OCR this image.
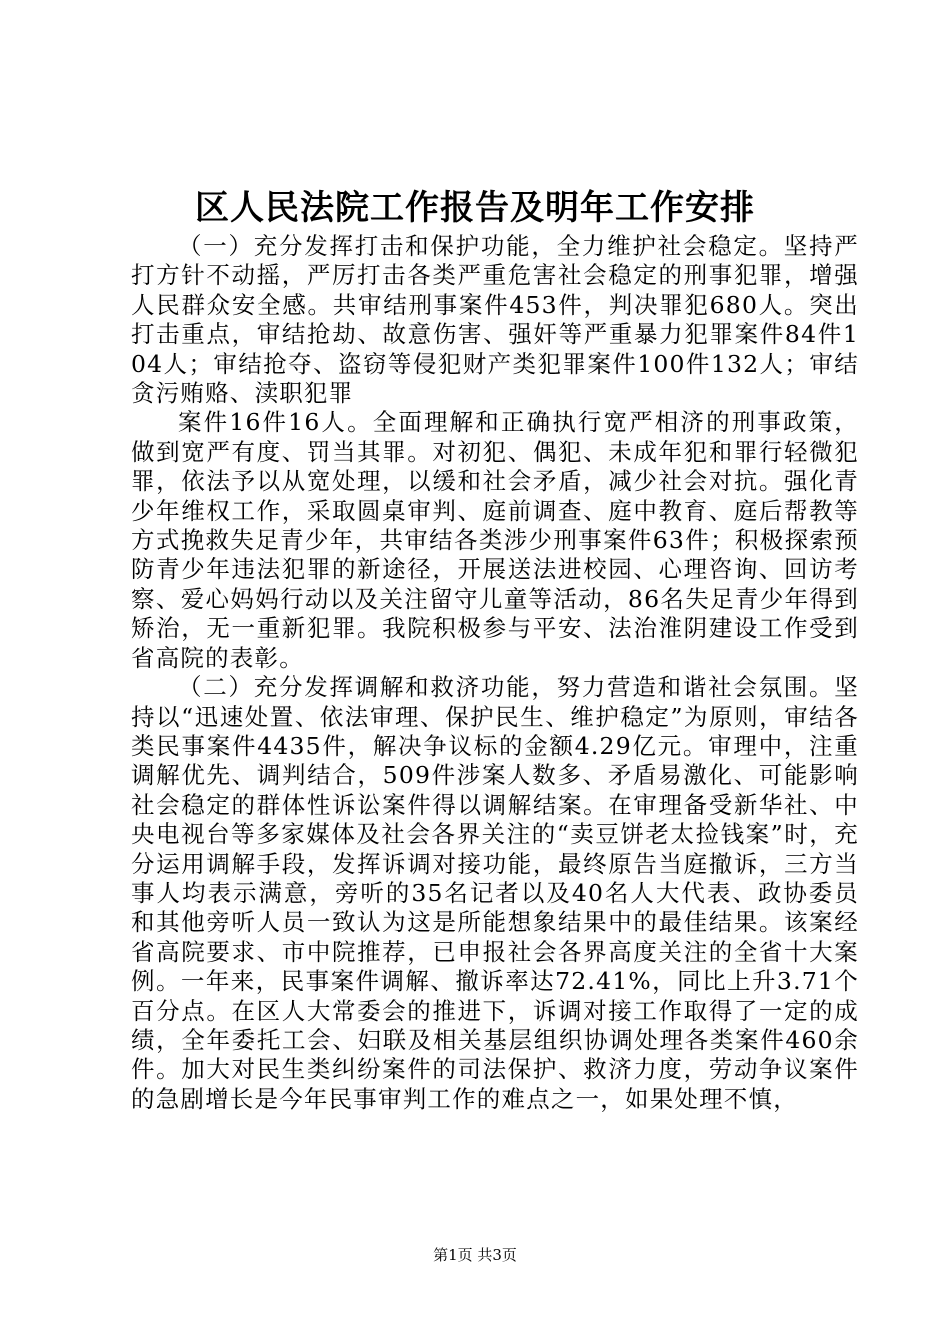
区人民法院工作报告及明年工作安排

（一）充分发挥打击和保护功能，全力维护社会稳定。坚持严打方针不动摇，严厉打击各类严重危害社会稳定的刑事犯罪，增强人民群众安全感。共审结刑事案件453件，判决罪犯680人。突出打击重点，审结抢劫、故意伤害、强奸等严重暴力犯罪案件84件104人；审结抢夺、盗窃等侵犯财产类犯罪案件100件132人；审结贪污贿赂、渎职犯罪

案件16件16人。全面理解和正确执行宽严相济的刑事政策，做到宽严有度、罚当其罪。对初犯、偶犯、未成年犯和罪行轻微犯罪，依法予以从宽处理，以缓和社会矛盾，减少社会对抗。强化青少年维权工作，采取圆桌审判、庭前调查、庭中教育、庭后帮教等方式挽救失足青少年，共审结各类涉少刑事案件63件；积极探索预防青少年违法犯罪的新途径，开展送法进校园、心理咨询、回访考察、爱心妈妈行动以及关注留守儿童等活动，86名失足青少年得到矫治，无一重新犯罪。我院积极参与平安、法治淮阴建设工作受到省高院的表彰。

（二）充分发挥调解和救济功能，努力营造和谐社会氛围。坚持以“迅速处置、依法审理、保护民生、维护稳定”为原则，审结各类民事案件4435件，解决争议标的金额4.29亿元。审理中，注重调解优先、调判结合，509件涉案人数多、矛盾易激化、可能影响社会稳定的群体性诉讼案件得以调解结案。在审理备受新华社、中央电视台等多家媒体及社会各界关注的“卖豆饼老太捡钱案”时，充分运用调解手段，发挥诉调对接功能，最终原告当庭撤诉，三方当事人均表示满意，旁听的35名记者以及40名人大代表、政协委员和其他旁听人员一致认为这是所能想象结果中的最佳结果。该案经省高院要求、市中院推荐，已申报社会各界高度关注的全省十大案例。一年来，民事案件调解、撤诉率达72.41%，同比上升3.71个百分点。在区人大常委会的推进下，诉调对接工作取得了一定的成绩，全年委托工会、妇联及相关基层组织协调处理各类案件460余件。加大对民生类纠纷案件的司法保护、救济力度，劳动争议案件的急剧增长是今年民事审判工作的难点之一，如果处理不慎，

第1页 共3页
